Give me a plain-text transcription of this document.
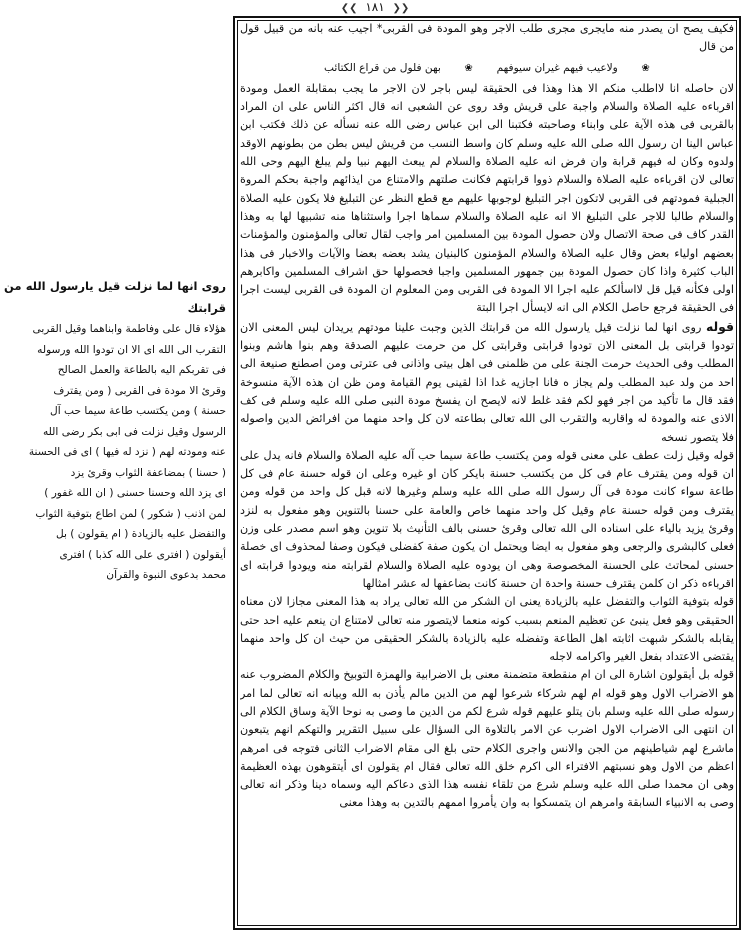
❮❮ ١٨١ ❯❯

فكيف يصح ان يصدر منه مايجرى مجرى طلب الاجر وهو المودة فى القربى* اجيب عنه بانه من قبيل قول من قال

❀ ولاعيب فيهم غيران سيوفهم ❀ بهن فلول من قراع الكتائب

لان حاصله انا لااطلب منكم الا هذا وهذا فى الحقيقة ليس باجر لان الاجر ما يجب بمقابلة العمل ومودة اقرباءه عليه الصلاة والسلام واجبة على قريش وقد روى عن الشعبى انه قال اكثر الناس على ان المراد بالقربى فى هذه الآية على وابناء وصاحبته فكتبنا الى ابن عباس رضى الله عنه نسأله عن ذلك فكتب ابن عباس الينا ان رسول الله صلى الله عليه وسلم كان واسط النسب من قريش ليس بطن من بطونهم الاوقد ولدوه وكان له فيهم قرابة وان فرض انه عليه الصلاة والسلام لم يبعث اليهم نبيا ولم يبلغ اليهم وحى الله تعالى لان اقرباءه عليه الصلاة والسلام ذووا قرابتهم فكانت صلتهم والامتناع من ايذائهم واجبة بحكم المروة الجبلية فمودتهم فى القربى لاتكون اجر التبليغ لوجوبها عليهم مع قطع النظر عن التبليغ فلا يكون عليه الصلاة والسلام طالبا للاجر على التبليغ الا انه عليه الصلاة والسلام سماها اجرا واستثناها منه تشبيها لها به وهذا القدر كاف فى صحة الاتصال ولان حصول المودة بين المسلمين امر واجب لقال تعالى والمؤمنون والمؤمنات بعضهم اولياء بعض وقال عليه الصلاة والسلام المؤمنون كالبنيان يشد بعضه بعضا والآيات والاخبار فى هذا الباب كثيرة واذا كان حصول المودة بين جمهور المسلمين واجبا فحصولها حق اشراف المسلمين واكابرهم اولى فكأنه قيل قل لااسألكم عليه اجرا الا المودة فى القربى ومن المعلوم ان المودة فى القربى ليست اجرا فى الحقيقة فرجع حاصل الكلام الى انه لايسأل اجرا البتة

قوله روى انها لما نزلت قيل يارسول الله من قرابتك الذين وجبت علينا مودتهم يريدان ليس المعنى الان تودوا قرابتى بل المعنى الان تودوا قرابتى وقرابتى كل من حرمت عليهم الصدقة وهم بنوا هاشم وبنوا المطلب وفى الحديث حرمت الجنة على من ظلمنى فى اهل بيتى واذانى فى عترتى ومن اصطنع صنيعة الى احد من ولد عبد المطلب ولم يجاز ه فانا اجازيه غدا اذا لقينى يوم القيامة ومن ظن ان هذه الآية منسوخة فقد قال ما تأكيد من اجر فهو لكم فقد غلط لانه لايصح ان يفسخ مودة النبى صلى الله عليه وسلم فى كف الاذى عنه والمودة له واقاربه والتقرب الى الله تعالى بطاعته لان كل واحد منهما من افرائض الدين واصوله فلا يتصور نسخه

قوله وقيل زلت عطف على معنى قوله ومن يكتسب طاعة سيما حب آله عليه الصلاة والسلام فانه يدل على ان قوله ومن يقترف عام فى كل من يكتسب حسنة بايكر كان او غيره وعلى ان قوله حسنة عام فى كل طاعة سواء كانت مودة فى آل رسول الله صلى الله عليه وسلم وغيرها لانه قبل كل واحد من قوله ومن يقترف ومن قوله حسنة عام وقيل كل واحد منهما خاص والعامة على حسنا بالتنوين وهو مفعول به لنزد وقرئ يزيد بالياء على اسناده الى الله تعالى وقرئ حسنى بالف التأنيث بلا تنوين وهو اسم مصدر على وزن فعلى كالبشرى والرجعى وهو مفعول به ايضا ويحتمل ان يكون صفة كفضلى فيكون وصفا لمحذوف اى خصلة حسنى لمحاتث على الحسنة المخصوصة وهى ان يودوه عليه الصلاة والسلام لقرابته منه ويودوا قرابته اى اقرباءه ذكر ان كلمن يقترف حسنة واحدة ان حسنة كانت بضاعفها له عشر امثالها

قوله بتوفية الثواب والتفضل عليه بالزيادة يعنى ان الشكر من الله تعالى يراد به هذا المعنى مجازا لان معناه الحقيقى وهو فعل ينبئ عن تعظيم المنعم بسبب كونه منعما لايتصور منه تعالى لامتناع ان ينعم عليه احد حتى يقابله بالشكر شبهت اثابته اهل الطاعة وتفضله عليه بالزيادة بالشكر الحقيقى من حيث ان كل واحد منهما يقتضى الاعتداد بفعل الغير واكرامه لاجله

قوله بل أيقولون اشارة الى ان ام منقطعة متضمنة معنى بل الاضرابية والهمزة التوبيخ والكلام المضروب عنه هو الاضراب الاول وهو قوله ام لهم شركاء شرعوا لهم من الدين مالم يأذن به الله وبيانه انه تعالى لما امر رسوله صلى الله عليه وسلم بان يتلو عليهم قوله شرع لكم من الدين ما وصى به نوحا الآية وساق الكلام الى ان انتهى الى الاضراب الاول اضرب عن الامر بالتلاوة الى السؤال على سبيل التقرير والتهكم انهم يتبعون ماشرع لهم شياطينهم من الجن والانس واجرى الكلام حتى بلغ الى مقام الاضراب الثانى فتوجه فى امرهم اعظم من الاول وهو نسبتهم الافتراء الى اكرم خلق الله تعالى فقال ام يقولون اى أيتقوهون بهذه العظيمة وهى ان محمدا صلى الله عليه وسلم شرع من تلقاء نفسه هذا الذى دعاكم اليه وسماه دينا وذكر انه تعالى وصى به الانبياء السابقة وامرهم ان يتمسكوا به وان يأمروا اممهم بالتدين به وهذا معنى

روى انها لما نزلت قيل يارسول الله من قرابتك
هؤلاء قال على وفاطمة وابناهما وقيل القربى
التقرب الى الله اى الا ان تودوا الله ورسوله
فى تقربكم اليه بالطاعة والعمل الصالح
وقرئ الا مودة فى القربى ( ومن يقترف
حسنة ) ومن يكتسب طاعة سيما حب آل
الرسول وقيل نزلت فى ابى بكر رضى الله
عنه ومودته لهم ( نزد له فيها ) اى فى الحسنة
( حسنا ) بمضاعفة الثواب وقرئ يزد
اى يزد الله وحسنا حسنى ( ان الله غفور )
لمن اذنب ( شكور ) لمن اطاع بتوفية الثواب
والتفضل عليه بالزيادة ( ام يقولون ) بل
أيقولون ( افترى على الله كذبا ) افترى
محمد بدعوى النبوة والقرآن
